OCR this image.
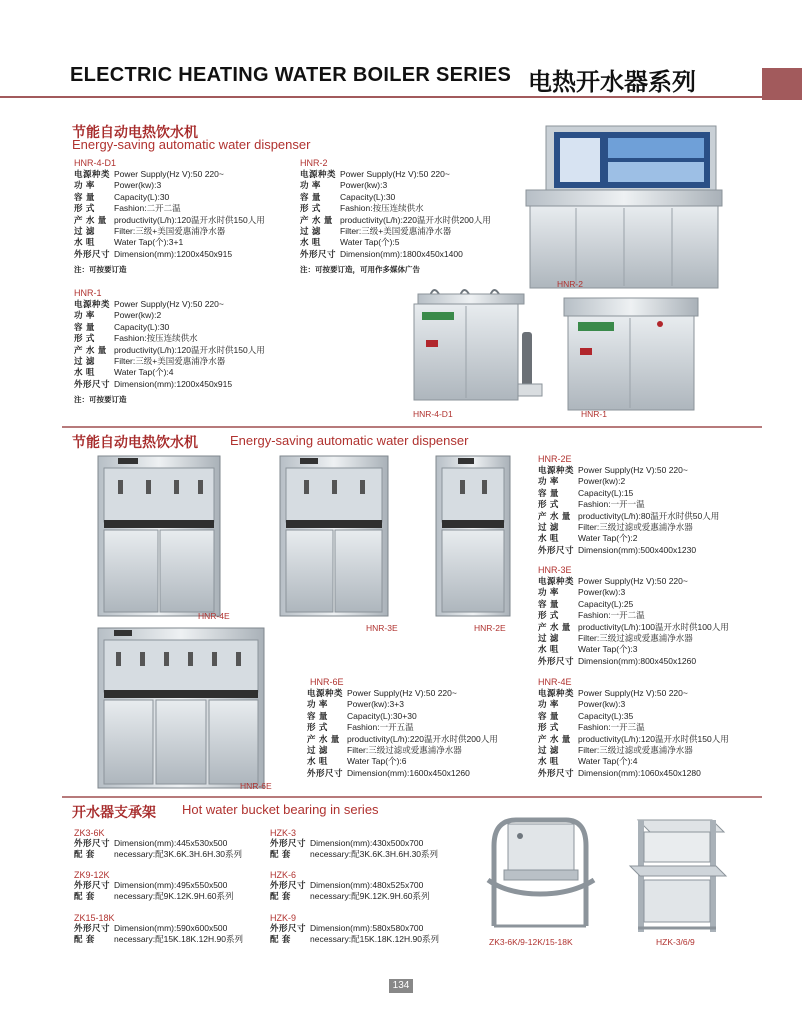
ELECTRIC HEATING WATER BOILER SERIES 电热开水器系列
节能自动电热饮水机
Energy-saving automatic water dispenser
HNR-4-D1
电源种类 Power Supply(Hz V):50 220~
功 率	Power(kw):3
容 量	Capacity(L):30
形 式	Fashion:二开二温
产 水 量 productivity(L/h):120温开水时供150人用
过 滤	Filter:三级+美国爱惠浦净水器
水 咀	Water Tap(个):3+1
外形尺寸 Dimension(mm):1200x450x915
注：可按要订造
HNR-2
电源种类 Power Supply(Hz V):50 220~
功 率	Power(kw):3
容 量	Capacity(L):30
形 式	Fashion:按压连续供水
产 水 量 productivity(L/h):220温开水时供200人用
过 滤	Filter:三级+美国爱惠浦净水器
水 咀	Water Tap(个):5
外形尺寸 Dimension(mm):1800x450x1400
注：可按要订造，可用作多媒体广告
HNR-1
电源种类 Power Supply(Hz V):50 220~
功 率	Power(kw):2
容 量	Capacity(L):30
形 式	Fashion:按压连续供水
产 水 量 productivity(L/h):120温开水时供150人用
过 滤	Filter:三级+美国爱惠浦净水器
水 咀	Water Tap(个):4
外形尺寸 Dimension(mm):1200x450x915
注：可按要订造
HNR-2
HNR-4-D1	HNR-1
节能自动电热饮水机 Energy-saving automatic water dispenser
HNR-4E
HNR-3E	HNR-2E
HNR-6E
HNR-2E
电源种类 Power Supply(Hz V):50 220~
功 率	Power(kw):2
容 量	Capacity(L):15
形 式	Fashion:一开一温
产 水 量 productivity(L/h):80温开水时供50人用
过 滤	Filter:三级过滤或爱惠浦净水器
水 咀	Water Tap(个):2
外形尺寸 Dimension(mm):500x400x1230
HNR-3E
电源种类 Power Supply(Hz V):50 220~
功 率	Power(kw):3
容 量	Capacity(L):25
形 式	Fashion:一开二温
产 水 量 productivity(L/h):100温开水时供100人用
过 滤	Filter:三级过滤或爱惠浦净水器
水 咀	Water Tap(个):3
外形尺寸 Dimension(mm):800x450x1260
HNR-6E
电源种类 Power Supply(Hz V):50 220~
功 率	Power(kw):3+3
容 量	Capacity(L):30+30
形 式	Fashion:一开五温
产 水 量 productivity(L/h):220温开水时供200人用
过 滤	Filter:三级过滤或爱惠浦净水器
水 咀	Water Tap(个):6
外形尺寸 Dimension(mm):1600x450x1260
HNR-4E
电源种类 Power Supply(Hz V):50 220~
功 率	Power(kw):3
容 量	Capacity(L):35
形 式	Fashion:一开三温
产 水 量 productivity(L/h):120温开水时供150人用
过 滤	Filter:三级过滤或爱惠浦净水器
水 咀	Water Tap(个):4
外形尺寸 Dimension(mm):1060x450x1280
开水器支承架 Hot water bucket bearing in series
ZK3-6K
外形尺寸 Dimension(mm):445x530x500
配 套	necessary:配3K.6K.3H.6H.30系列
ZK9-12K
外形尺寸 Dimension(mm):495x550x500
配 套	necessary:配9K.12K.9H.60系列
ZK15-18K
外形尺寸 Dimension(mm):590x600x500
配 套	necessary:配15K.18K.12H.90系列
HZK-3
外形尺寸 Dimension(mm):430x500x700
配 套	necessary:配3K.6K.3H.6H.30系列
HZK-6
外形尺寸 Dimension(mm):480x525x700
配 套	necessary:配9K.12K.9H.60系列
HZK-9
外形尺寸 Dimension(mm):580x580x700
配 套	necessary:配15K.18K.12H.90系列	ZK3-6K/9-12K/15-18K	HZK-3/6/9
134
